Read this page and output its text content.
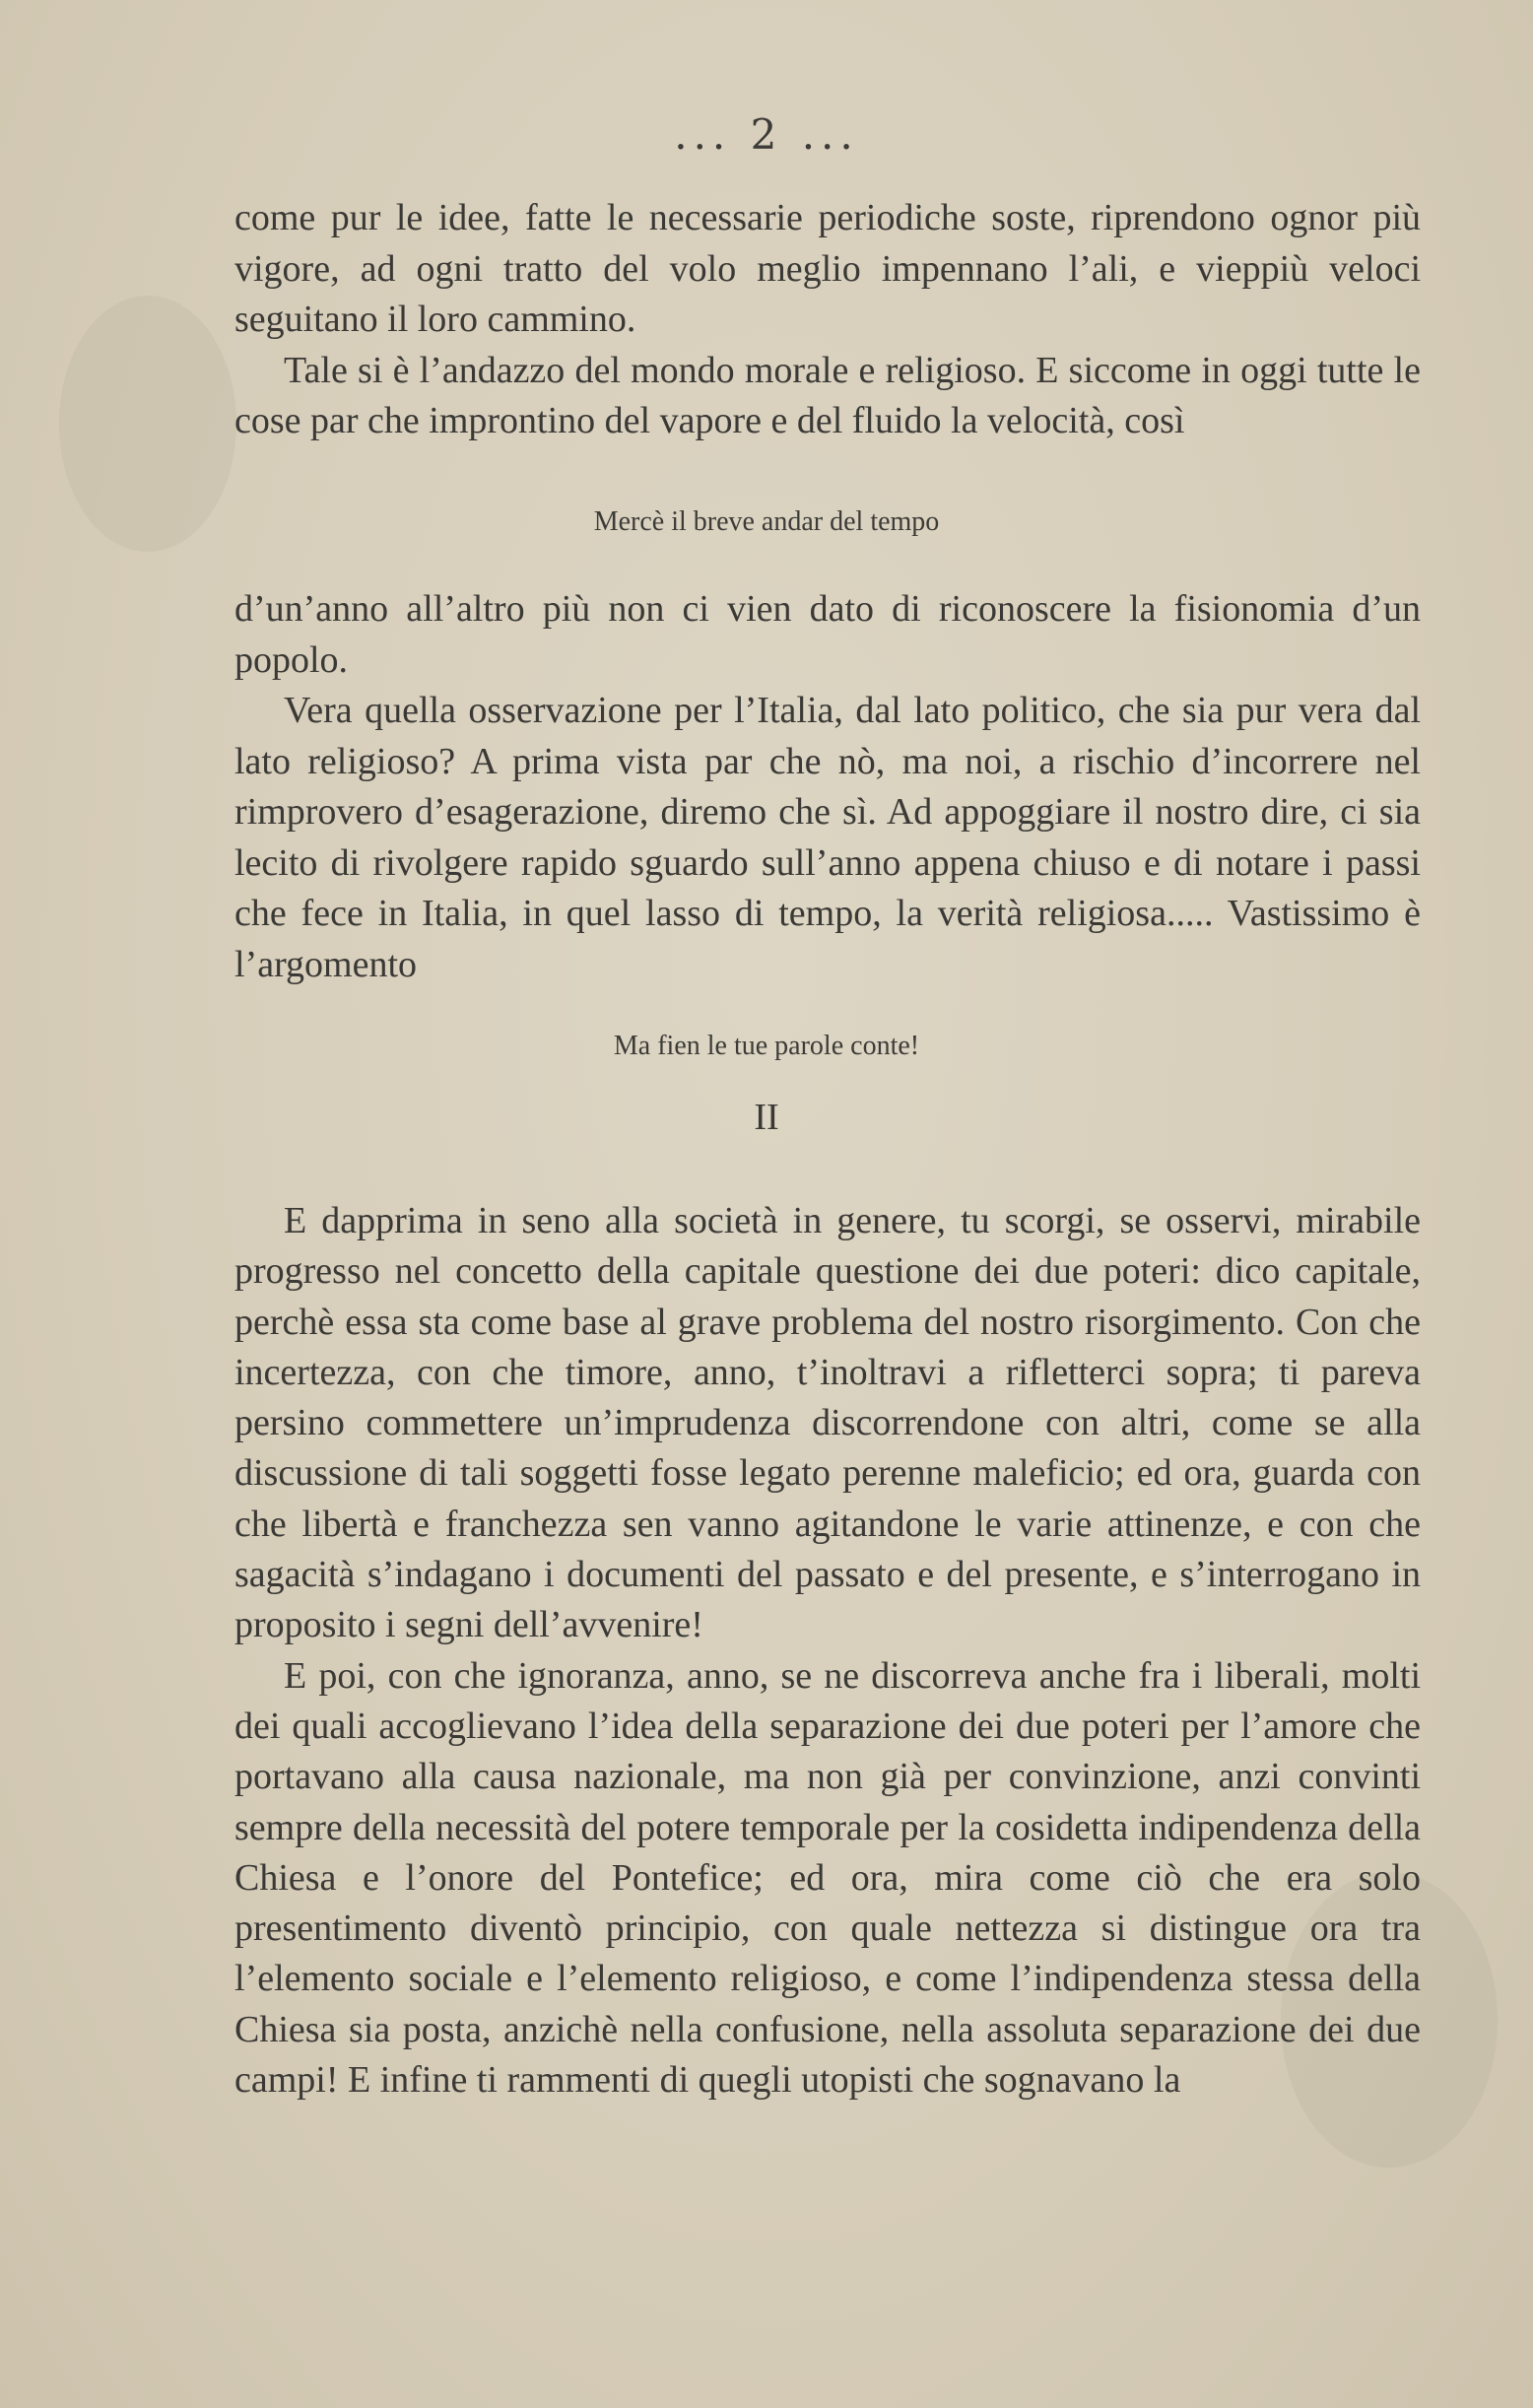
... 2 ...

come pur le idee, fatte le necessarie periodiche soste, riprendono ognor più vigore, ad ogni tratto del volo meglio impennano l’ali, e vieppiù veloci seguitano il loro cammino.

Tale si è l’andazzo del mondo morale e religioso. E siccome in oggi tutte le cose par che improntino del vapore e del fluido la velocità, così

Mercè il breve andar del tempo

d’un’anno all’altro più non ci vien dato di riconoscere la fisionomia d’un popolo.

Vera quella osservazione per l’Italia, dal lato politico, che sia pur vera dal lato religioso? A prima vista par che nò, ma noi, a rischio d’incorrere nel rimprovero d’esagerazione, diremo che sì. Ad appoggiare il nostro dire, ci sia lecito di rivolgere rapido sguardo sull’anno appena chiuso e di notare i passi che fece in Italia, in quel lasso di tempo, la verità religiosa..... Vastissimo è l’argomento

Ma fien le tue parole conte!
II

E dapprima in seno alla società in genere, tu scorgi, se osservi, mirabile progresso nel concetto della capitale questione dei due poteri: dico capitale, perchè essa sta come base al grave problema del nostro risorgimento. Con che incertezza, con che timore, anno, t’inoltravi a rifletterci sopra; ti pareva persino commettere un’imprudenza discorrendone con altri, come se alla discussione di tali soggetti fosse legato perenne maleficio; ed ora, guarda con che libertà e franchezza sen vanno agitandone le varie attinenze, e con che sagacità s’indagano i documenti del passato e del presente, e s’interrogano in proposito i segni dell’avvenire!

E poi, con che ignoranza, anno, se ne discorreva anche fra i liberali, molti dei quali accoglievano l’idea della separazione dei due poteri per l’amore che portavano alla causa nazionale, ma non già per convinzione, anzi convinti sempre della necessità del potere temporale per la cosidetta indipendenza della Chiesa e l’onore del Pontefice; ed ora, mira come ciò che era solo presentimento diventò principio, con quale nettezza si distingue ora tra l’elemento sociale e l’elemento religioso, e come l’indipendenza stessa della Chiesa sia posta, anzichè nella confusione, nella assoluta separazione dei due campi! E infine ti rammenti di quegli utopisti che sognavano la
